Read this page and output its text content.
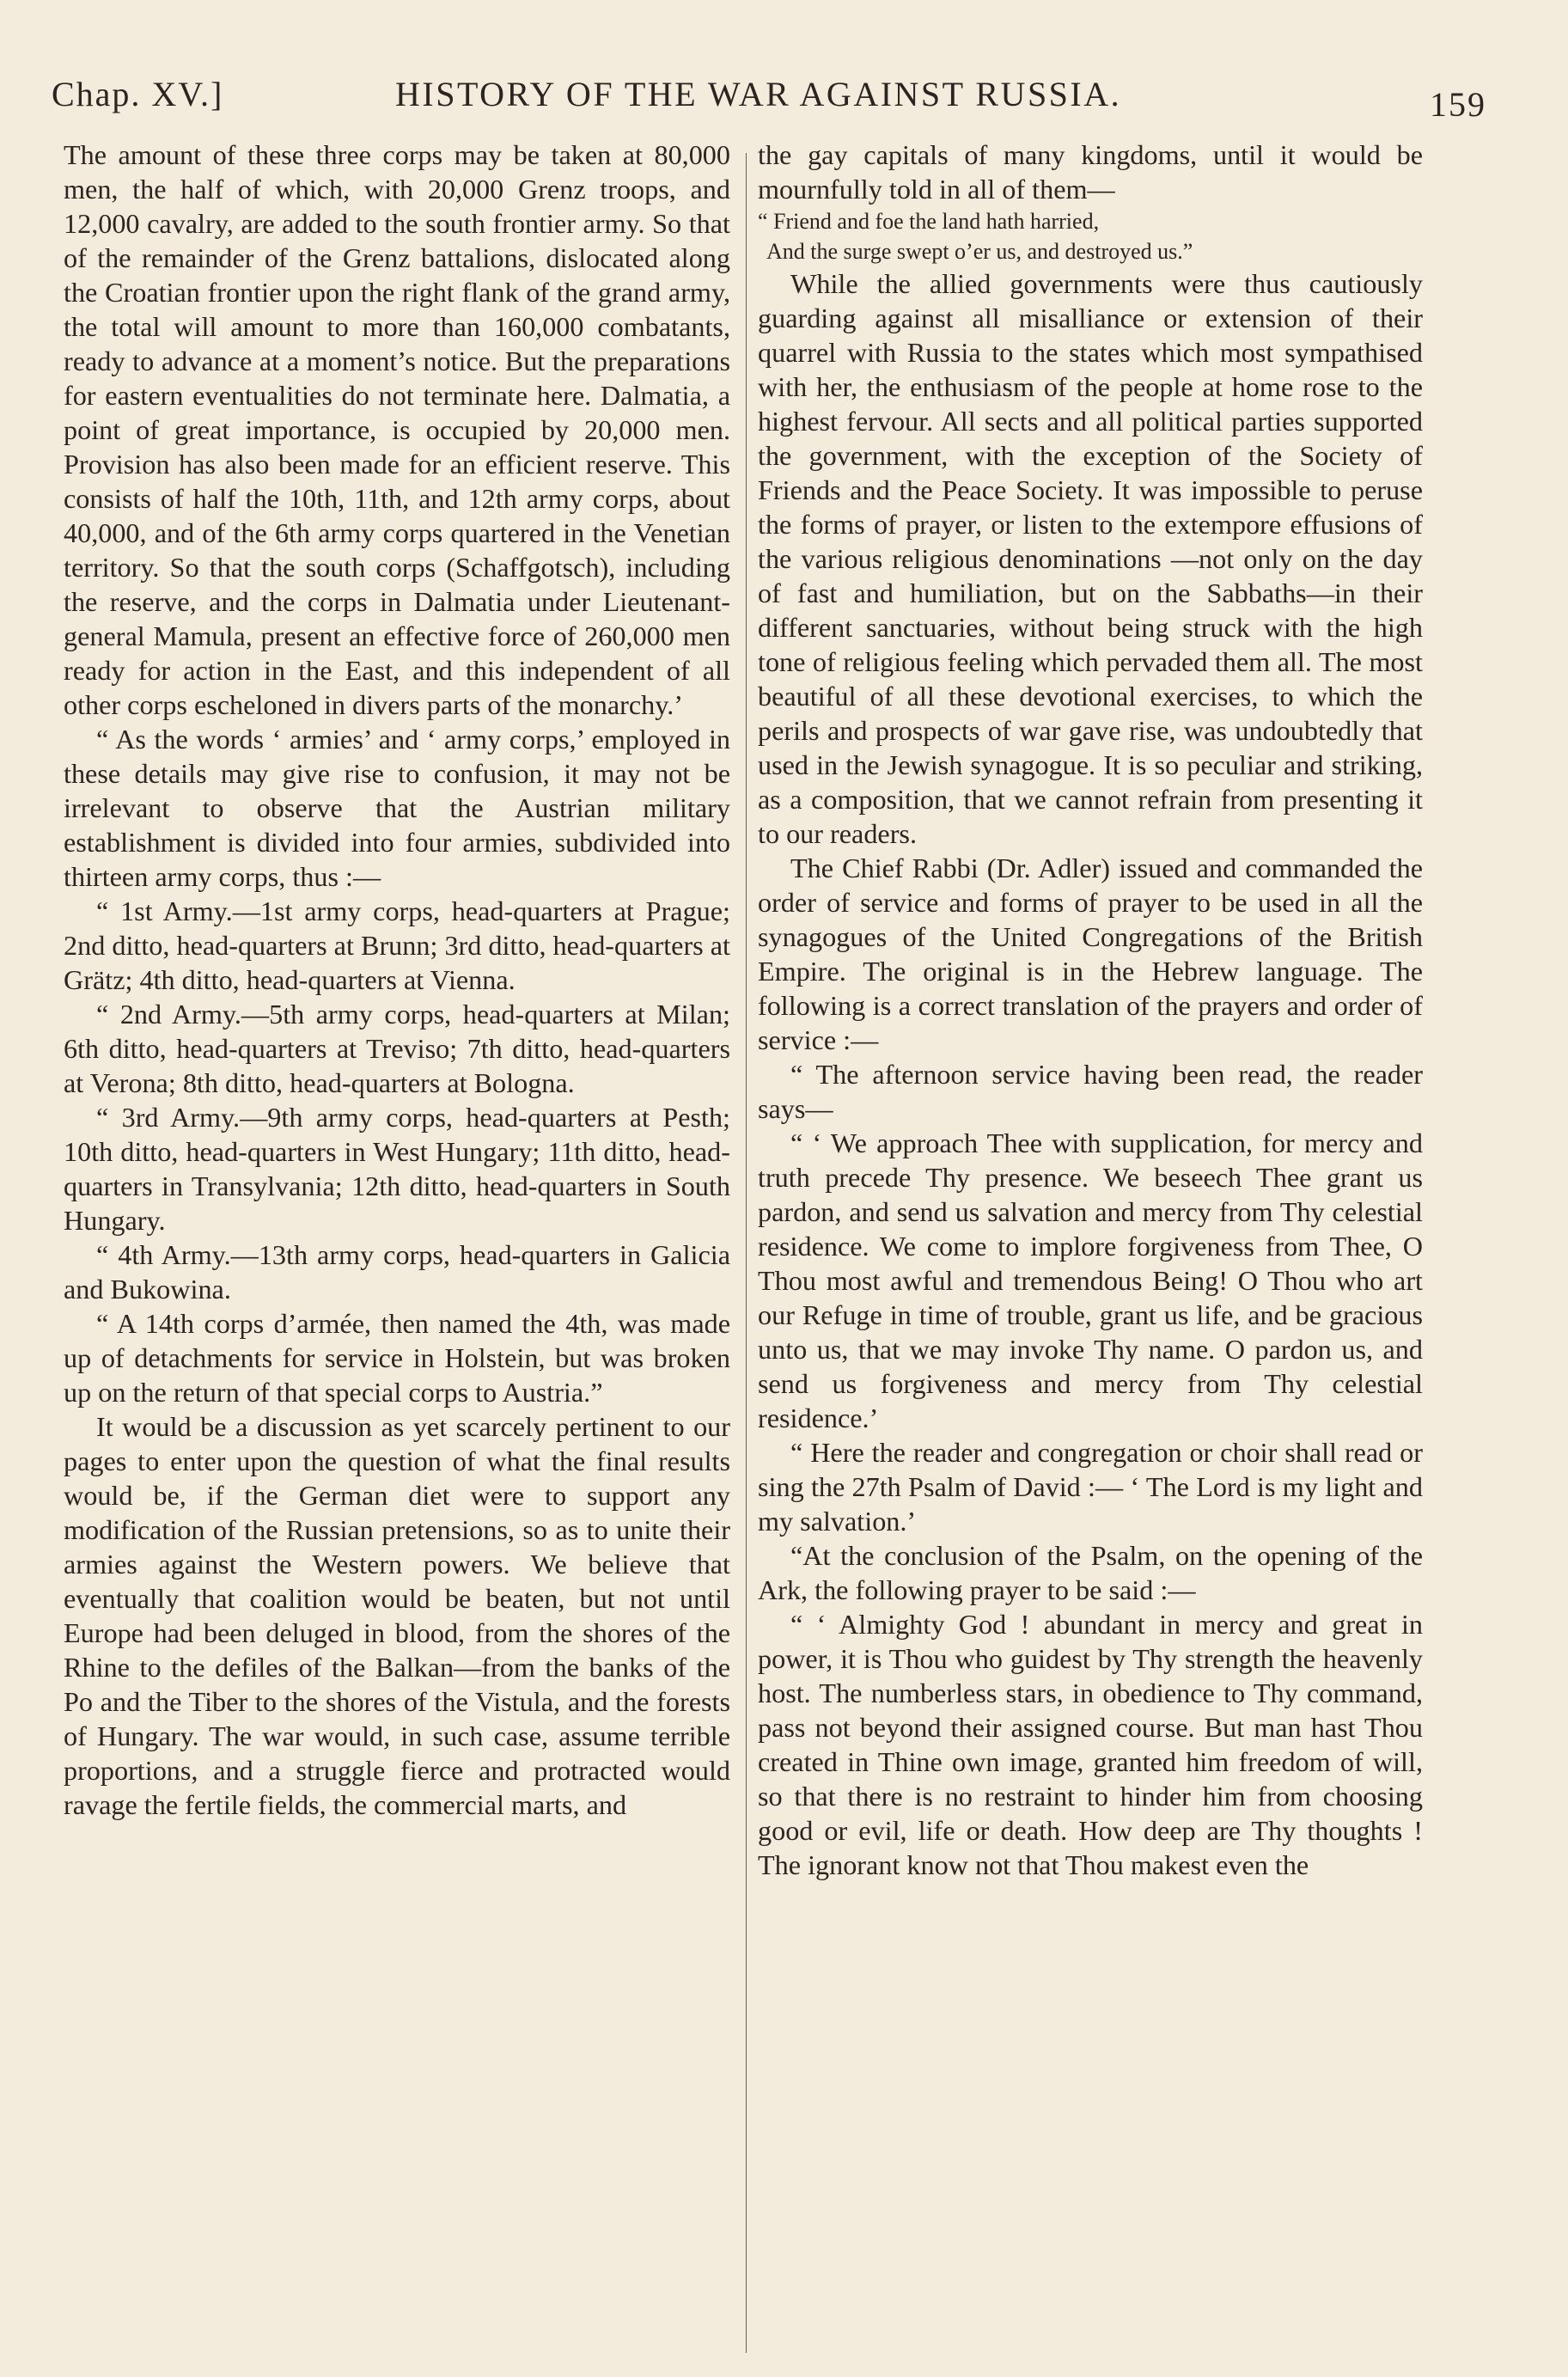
Chap. XV.]	HISTORY OF THE WAR AGAINST RUSSIA.	159

The amount of these three corps may be taken at 80,000 men, the half of which, with 20,000 Grenz troops, and 12,000 cavalry, are added to the south frontier army. So that of the remainder of the Grenz battalions, dislocated along the Croatian frontier upon the right flank of the grand army, the total will amount to more than 160,000 combatants, ready to advance at a moment’s notice. But the preparations for eastern eventualities do not terminate here. Dalmatia, a point of great importance, is occupied by 20,000 men. Provision has also been made for an efficient reserve. This consists of half the 10th, 11th, and 12th army corps, about 40,000, and of the 6th army corps quartered in the Venetian territory. So that the south corps (Schaffgotsch), including the reserve, and the corps in Dalmatia under Lieutenant-general Mamula, present an effective force of 260,000 men ready for action in the East, and this independent of all other corps escheloned in divers parts of the monarchy.’

“ As the words ‘ armies’ and ‘ army corps,’ employed in these details may give rise to confusion, it may not be irrelevant to observe that the Austrian military establishment is divided into four armies, subdivided into thirteen army corps, thus :—

“ 1st Army.—1st army corps, head-quarters at Prague; 2nd ditto, head-quarters at Brunn; 3rd ditto, head-quarters at Grätz; 4th ditto, head-quarters at Vienna.

“ 2nd Army.—5th army corps, head-quarters at Milan; 6th ditto, head-quarters at Treviso; 7th ditto, head-quarters at Verona; 8th ditto, head-quarters at Bologna.

“ 3rd Army.—9th army corps, head-quarters at Pesth; 10th ditto, head-quarters in West Hungary; 11th ditto, head-quarters in Transylvania; 12th ditto, head-quarters in South Hungary.

“ 4th Army.—13th army corps, head-quarters in Galicia and Bukowina.

“ A 14th corps d’armée, then named the 4th, was made up of detachments for service in Holstein, but was broken up on the return of that special corps to Austria.”

It would be a discussion as yet scarcely pertinent to our pages to enter upon the question of what the final results would be, if the German diet were to support any modification of the Russian pretensions, so as to unite their armies against the Western powers. We believe that eventually that coalition would be beaten, but not until Europe had been deluged in blood, from the shores of the Rhine to the defiles of the Balkan—from the banks of the Po and the Tiber to the shores of the Vistula, and the forests of Hungary. The war would, in such case, assume terrible proportions, and a struggle fierce and protracted would ravage the fertile fields, the commercial marts, and

the gay capitals of many kingdoms, until it would be mournfully told in all of them—

“ Friend and foe the land hath harried,
And the surge swept o’er us, and destroyed us.”

While the allied governments were thus cautiously guarding against all misalliance or extension of their quarrel with Russia to the states which most sympathised with her, the enthusiasm of the people at home rose to the highest fervour. All sects and all political parties supported the government, with the exception of the Society of Friends and the Peace Society. It was impossible to peruse the forms of prayer, or listen to the extempore effusions of the various religious denominations —not only on the day of fast and humiliation, but on the Sabbaths—in their different sanctuaries, without being struck with the high tone of religious feeling which pervaded them all. The most beautiful of all these devotional exercises, to which the perils and prospects of war gave rise, was undoubtedly that used in the Jewish synagogue. It is so peculiar and striking, as a composition, that we cannot refrain from presenting it to our readers.

The Chief Rabbi (Dr. Adler) issued and commanded the order of service and forms of prayer to be used in all the synagogues of the United Congregations of the British Empire. The original is in the Hebrew language. The following is a correct translation of the prayers and order of service :—

“ The afternoon service having been read, the reader says—

“ ‘ We approach Thee with supplication, for mercy and truth precede Thy presence. We beseech Thee grant us pardon, and send us salvation and mercy from Thy celestial residence. We come to implore forgiveness from Thee, O Thou most awful and tremendous Being! O Thou who art our Refuge in time of trouble, grant us life, and be gracious unto us, that we may invoke Thy name. O pardon us, and send us forgiveness and mercy from Thy celestial residence.’

“ Here the reader and congregation or choir shall read or sing the 27th Psalm of David :— ‘ The Lord is my light and my salvation.’

“At the conclusion of the Psalm, on the opening of the Ark, the following prayer to be said :—

“ ‘ Almighty God ! abundant in mercy and great in power, it is Thou who guidest by Thy strength the heavenly host. The numberless stars, in obedience to Thy command, pass not beyond their assigned course. But man hast Thou created in Thine own image, granted him freedom of will, so that there is no restraint to hinder him from choosing good or evil, life or death. How deep are Thy thoughts ! The ignorant know not that Thou makest even the
